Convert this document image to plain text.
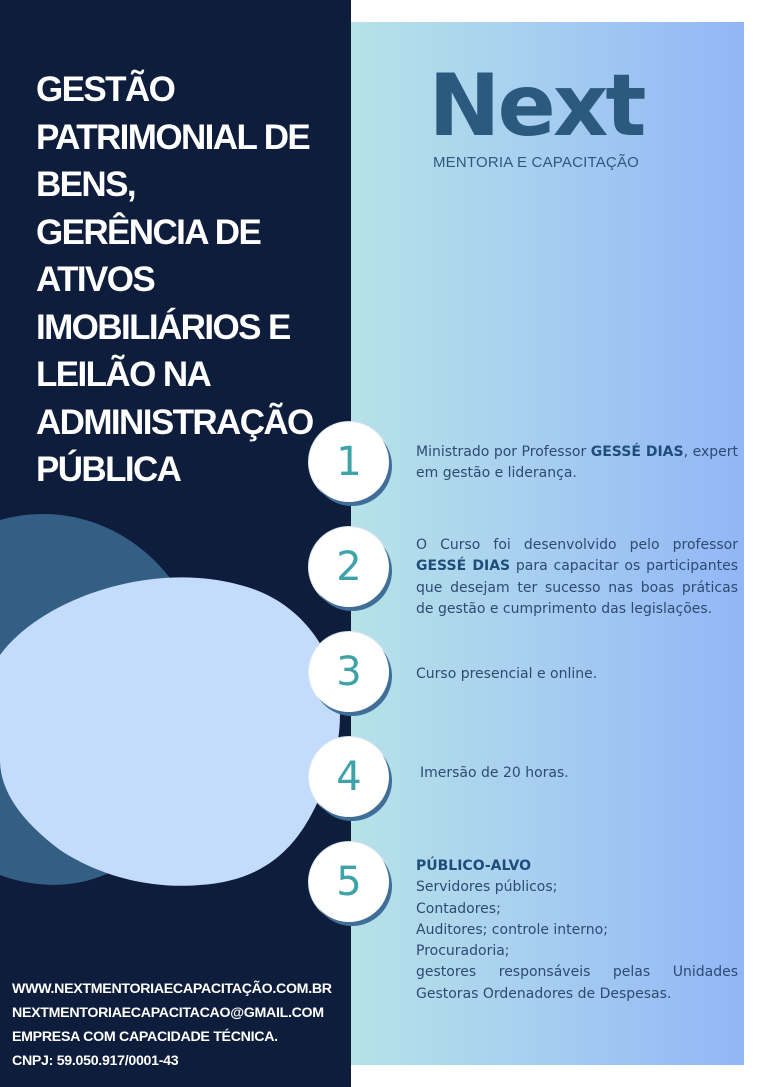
GESTÃO
PATRIMONIAL DE
BENS,
GERÊNCIA DE
ATIVOS
IMOBILIÁRIOS E
LEILÃO NA
ADMINISTRAÇÃO
PÚBLICA
Next
MENTORIA E CAPACITAÇÃO
1	Ministrado por Professor GESSÉ DIAS, expert em gestão e liderança.
2	O Curso foi desenvolvido pelo professor GESSÉ DIAS para capacitar os participantes que desejam ter sucesso nas boas práticas de gestão e cumprimento das legislações.
3	Curso presencial e online.
4	Imersão de 20 horas.
5	PÚBLICO-ALVO
Servidores públicos;
Contadores;
Auditores; controle interno;
Procuradoria;
gestores responsáveis pelas Unidades
Gestoras Ordenadores de Despesas.
WWW.NEXTMENTORIAECAPACITAÇÃO.COM.BR
NEXTMENTORIAECAPACITACAO@GMAIL.COM
EMPRESA COM CAPACIDADE TÉCNICA.
CNPJ: 59.050.917/0001-43
